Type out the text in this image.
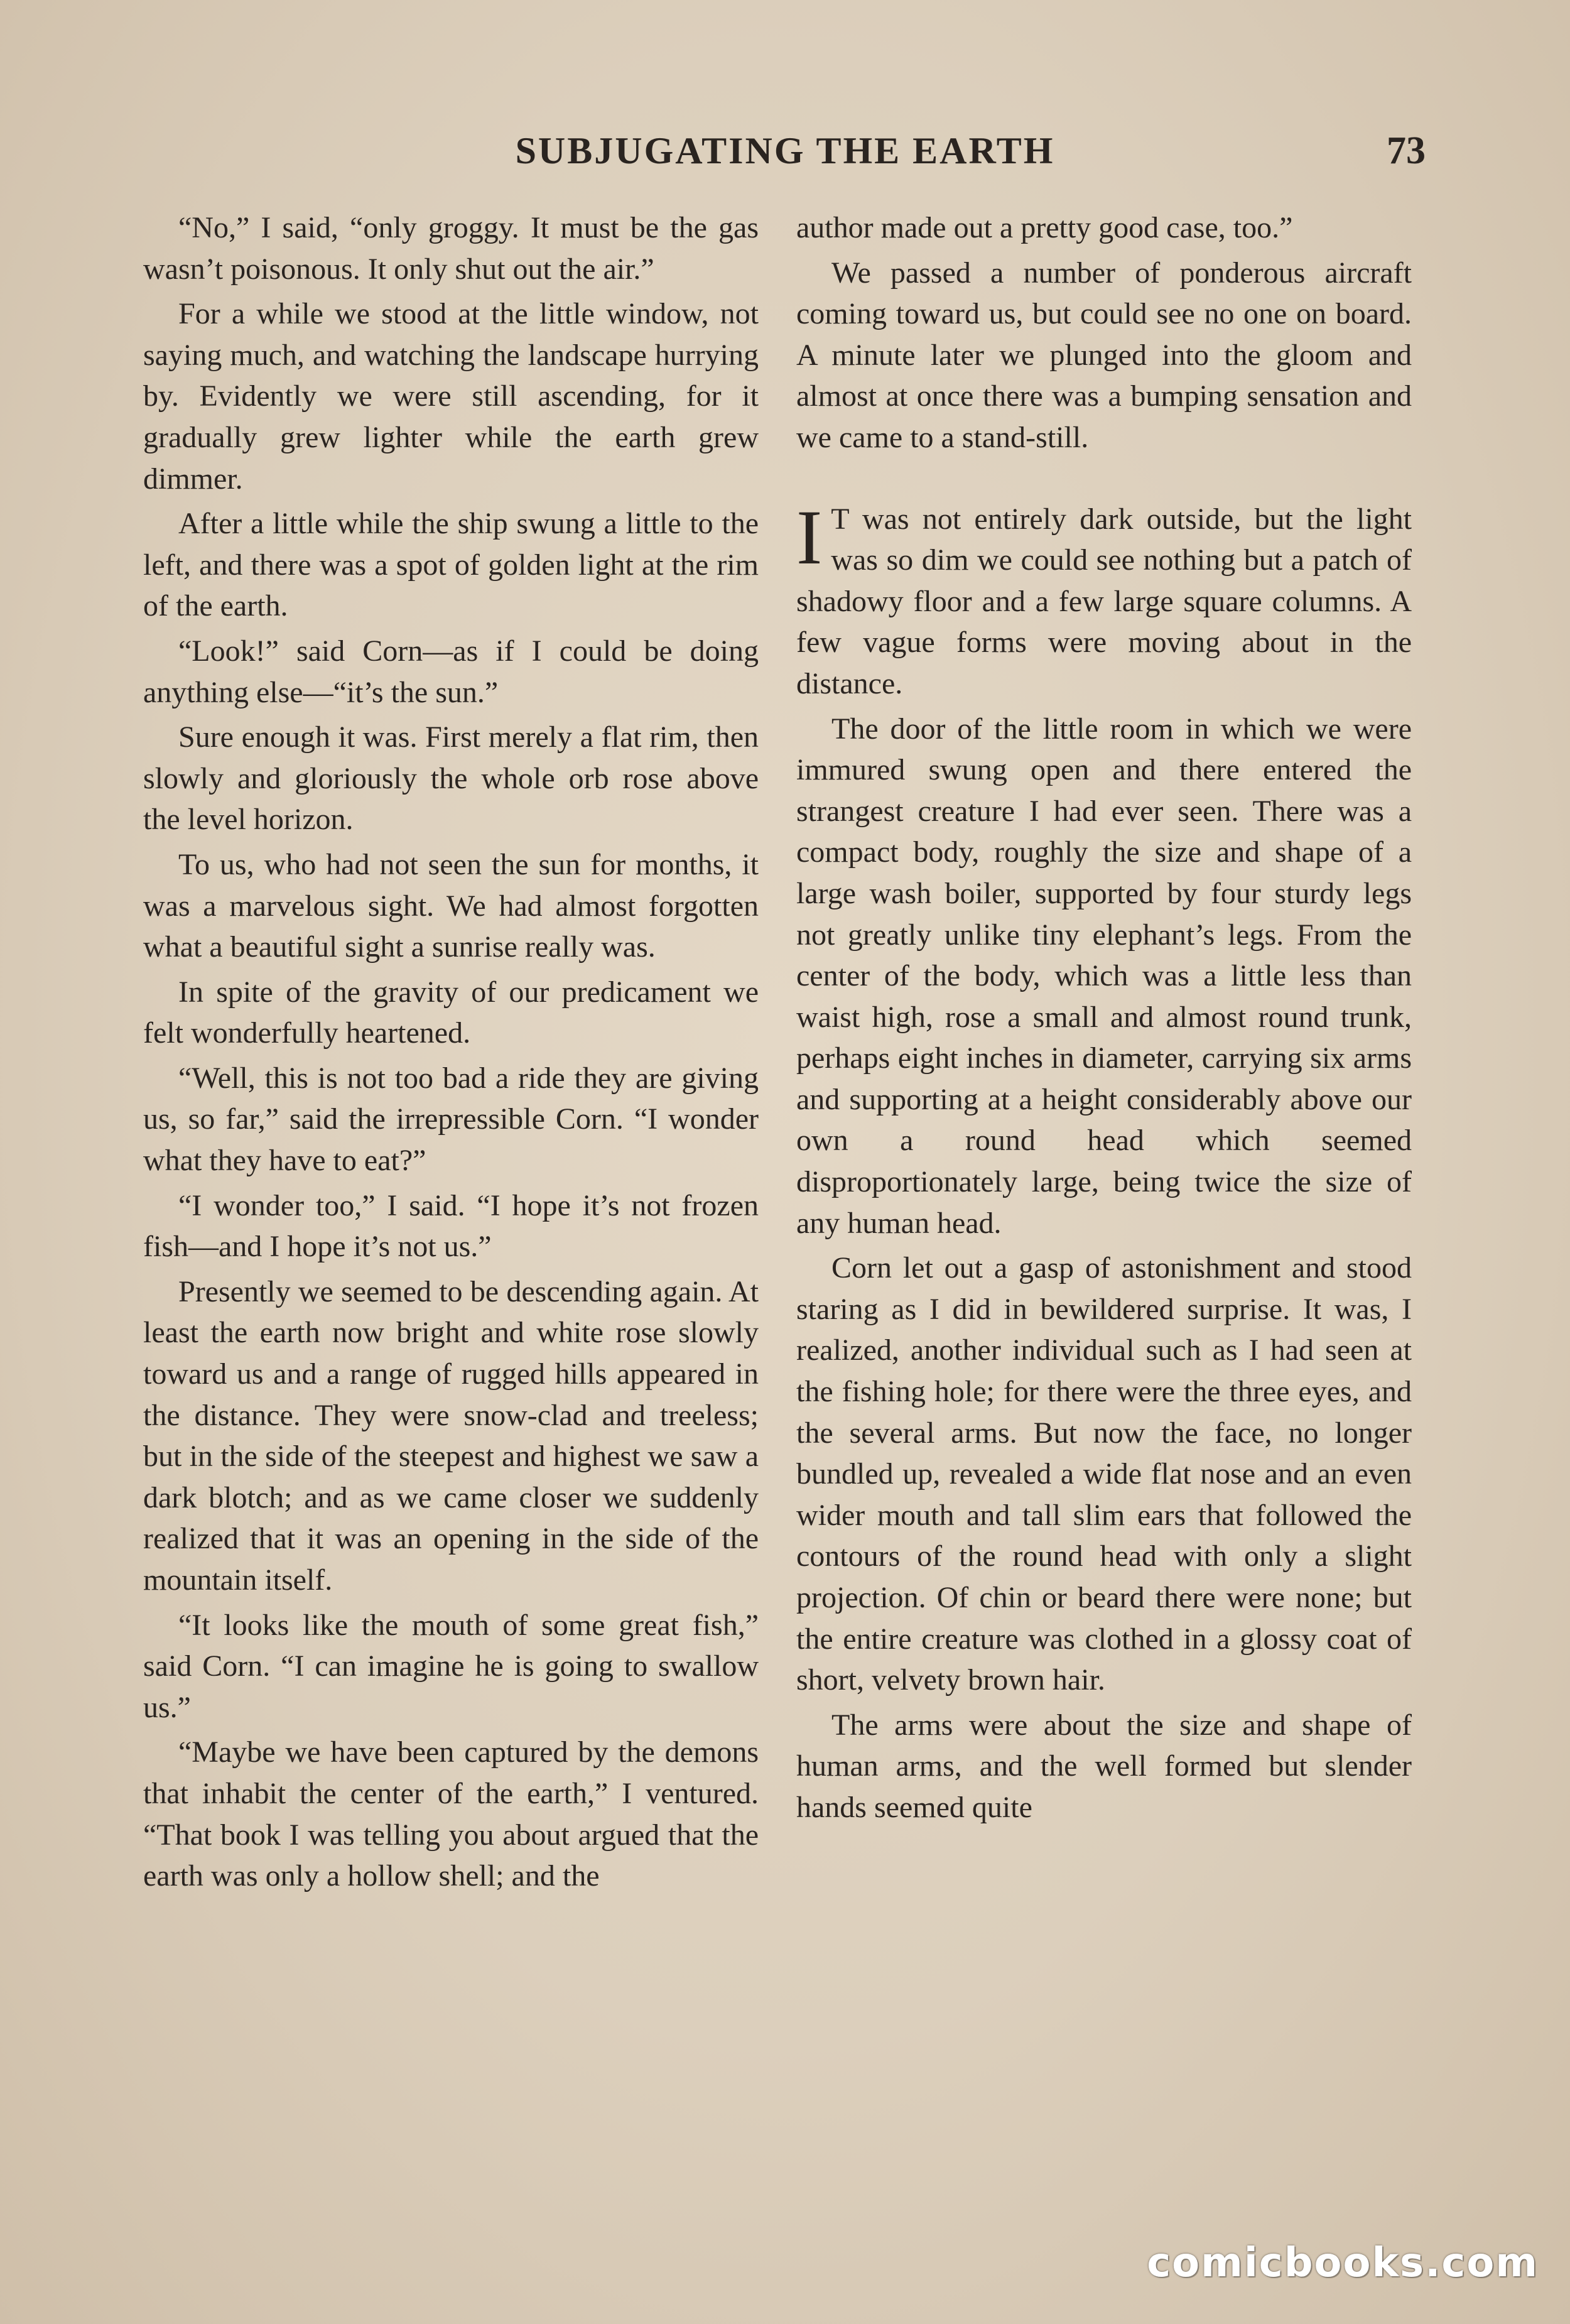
SUBJUGATING THE EARTH	73

“No,” I said, “only groggy. It must be the gas wasn’t poisonous. It only shut out the air.”

For a while we stood at the little window, not saying much, and watching the landscape hurrying by. Evidently we were still ascending, for it gradually grew lighter while the earth grew dimmer.

After a little while the ship swung a little to the left, and there was a spot of golden light at the rim of the earth.

“Look!” said Corn—as if I could be doing anything else—“it’s the sun.”

Sure enough it was. First merely a flat rim, then slowly and gloriously the whole orb rose above the level horizon.

To us, who had not seen the sun for months, it was a marvelous sight. We had almost forgotten what a beautiful sight a sunrise really was.

In spite of the gravity of our predicament we felt wonderfully heartened.

“Well, this is not too bad a ride they are giving us, so far,” said the irrepressible Corn. “I wonder what they have to eat?”

“I wonder too,” I said. “I hope it’s not frozen fish—and I hope it’s not us.”

Presently we seemed to be descending again. At least the earth now bright and white rose slowly toward us and a range of rugged hills appeared in the distance. They were snow-clad and treeless; but in the side of the steepest and highest we saw a dark blotch; and as we came closer we suddenly realized that it was an opening in the side of the mountain itself.

“It looks like the mouth of some great fish,” said Corn. “I can imagine he is going to swallow us.”

“Maybe we have been captured by the demons that inhabit the center of the earth,” I ventured. “That book I was telling you about argued that the earth was only a hollow shell; and the

author made out a pretty good case, too.”

We passed a number of ponderous aircraft coming toward us, but could see no one on board. A minute later we plunged into the gloom and almost at once there was a bumping sensation and we came to a stand-still.

I T was not entirely dark outside, but the light was so dim we could see nothing but a patch of shadowy floor and a few large square columns. A few vague forms were moving about in the distance.

The door of the little room in which we were immured swung open and there entered the strangest creature I had ever seen. There was a compact body, roughly the size and shape of a large wash boiler, supported by four sturdy legs not greatly unlike tiny elephant’s legs. From the center of the body, which was a little less than waist high, rose a small and almost round trunk, perhaps eight inches in diameter, carrying six arms and supporting at a height considerably above our own a round head which seemed disproportionately large, being twice the size of any human head.

Corn let out a gasp of astonishment and stood staring as I did in bewildered surprise. It was, I realized, another individual such as I had seen at the fishing hole; for there were the three eyes, and the several arms. But now the face, no longer bundled up, revealed a wide flat nose and an even wider mouth and tall slim ears that followed the contours of the round head with only a slight projection. Of chin or beard there were none; but the entire creature was clothed in a glossy coat of short, velvety brown hair.

The arms were about the size and shape of human arms, and the well formed but slender hands seemed quite

comicbooks.com
